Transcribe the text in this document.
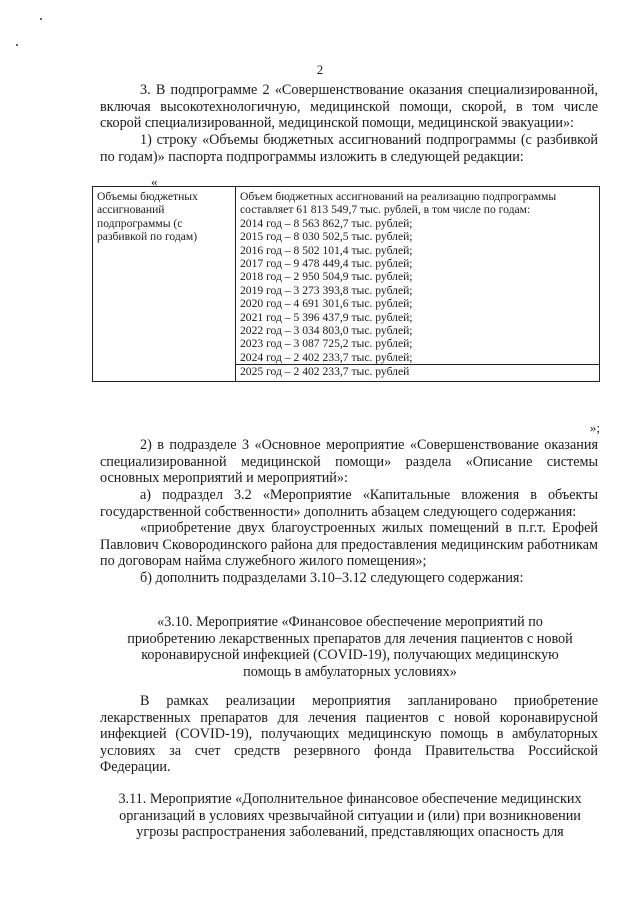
2

3. В подпрограмме 2 «Совершенствование оказания специализированной, включая высокотехнологичную, медицинской помощи, скорой, в том числе скорой специализированной, медицинской помощи, медицинской эвакуации»:

1) строку «Объемы бюджетных ассигнований подпрограммы (с разбивкой по годам)» паспорта подпрограммы изложить в следующей редакции:

«
Объемы бюджетных ассигнований подпрограммы (с разбивкой по годам)	
Объем бюджетных ассигнований на реализацию подпрограммы составляет 61 813 549,7 тыс. рублей, в том числе по годам:
2014 год – 8 563 862,7 тыс. рублей;
2015 год – 8 030 502,5 тыс. рублей;
2016 год – 8 502 101,4 тыс. рублей;
2017 год – 9 478 449,4 тыс. рублей;
2018 год – 2 950 504,9 тыс. рублей;
2019 год – 3 273 393,8 тыс. рублей;
2020 год – 4 691 301,6 тыс. рублей;
2021 год – 5 396 437,9 тыс. рублей;
2022 год – 3 034 803,0 тыс. рублей;
2023 год – 3 087 725,2 тыс. рублей;
2024 год – 2 402 233,7 тыс. рублей;
2025 год – 2 402 233,7 тыс. рублей
»;

2) в подразделе 3 «Основное мероприятие «Совершенствование оказания специализированной медицинской помощи» раздела «Описание системы основных мероприятий и мероприятий»:

а) подраздел 3.2 «Мероприятие «Капитальные вложения в объекты государственной собственности» дополнить абзацем следующего содержания:

«приобретение двух благоустроенных жилых помещений в п.г.т. Ерофей Павлович Сковородинского района для предоставления медицинским работникам по договорам найма служебного жилого помещения»;

б) дополнить подразделами 3.10–3.12 следующего содержания:

«3.10. Мероприятие «Финансовое обеспечение мероприятий по приобретению лекарственных препаратов для лечения пациентов с новой коронавирусной инфекцией (COVID-19), получающих медицинскую помощь в амбулаторных условиях»

В рамках реализации мероприятия запланировано приобретение лекарственных препаратов для лечения пациентов с новой коронавирусной инфекцией (COVID-19), получающих медицинскую помощь в амбулаторных условиях за счет средств резервного фонда Правительства Российской Федерации.

3.11. Мероприятие «Дополнительное финансовое обеспечение медицинских организаций в условиях чрезвычайной ситуации и (или) при возникновении угрозы распространения заболеваний, представляющих опасность для
